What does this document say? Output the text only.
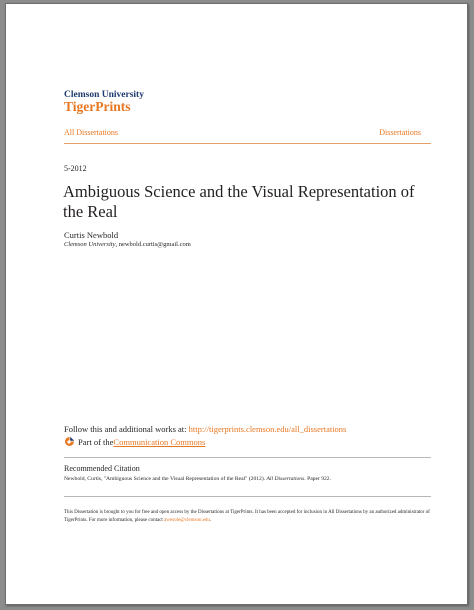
Clemson University
TigerPrints
All Dissertations	Dissertations
5-2012
Ambiguous Science and the Visual Representation of the Real
Curtis Newbold
Clemson University, newbold.curtis@gmail.com
Follow this and additional works at: http://tigerprints.clemson.edu/all_dissertations
Part of the Communication Commons
Recommended Citation
Newbold, Curtis, "Ambiguous Science and the Visual Representation of the Real" (2012). All Dissertations. Paper 922.
This Dissertation is brought to you for free and open access by the Dissertations at TigerPrints. It has been accepted for inclusion in All Dissertations by an authorized administrator of TigerPrints. For more information, please contact awesole@clemson.edu.
